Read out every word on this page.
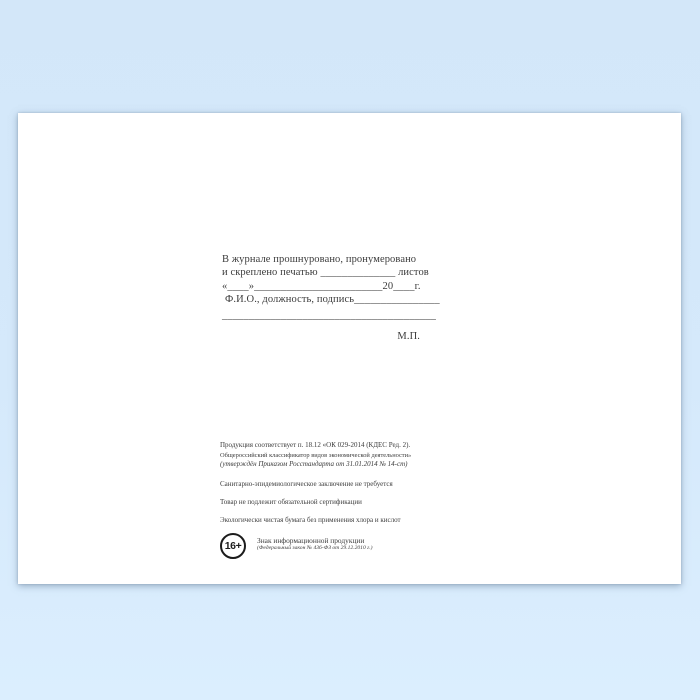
В журнале прошнуровано, пронумеровано
и скреплено печатью ______________ листов
«____»________________________20____г.
Ф.И.О., должность, подпись________________
________________________________________
М.П.
Продукция соответствует п. 18.12 «ОК 029-2014 (КДЕС Ред. 2).
Общероссийский классификатор видов экономической деятельности»
(утверждён Приказом Росстандарта от 31.01.2014 № 14-ст)
Санитарно-эпидемиологическое заключение не требуется
Товар не подлежит обязательной сертификации
Экологически чистая бумага без применения хлора и кислот
16+ Знак информационной продукции
(Федеральный закон № 436-ФЗ от 29.12.2010 г.)
